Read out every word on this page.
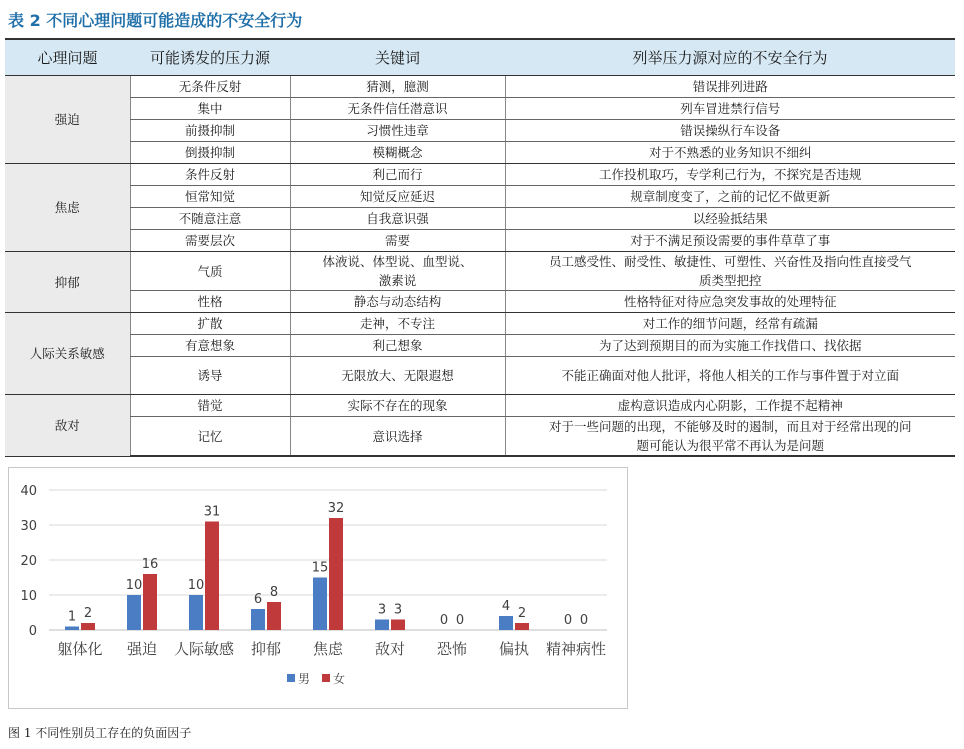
表 2 不同心理问题可能造成的不安全行为
心理问题	可能诱发的压力源	关键词	列举压力源对应的不安全行为
强迫	无条件反射	猜测，臆测	错误排列进路
	集中	无条件信任潜意识	列车冒进禁行信号
	前摄抑制	习惯性违章	错误操纵行车设备
	倒摄抑制	模糊概念	对于不熟悉的业务知识不细纠
焦虑	条件反射	利己而行	工作投机取巧，专学利己行为，不探究是否违规
	恒常知觉	知觉反应延迟	规章制度变了，之前的记忆不做更新
	不随意注意	自我意识强	以经验抵结果
	需要层次	需要	对于不满足预设需要的事件草草了事
抑郁	气质	体液说、体型说、血型说、激素说	员工感受性、耐受性、敏捷性、可塑性、兴奋性及指向性直接受气质类型把控
	性格	静态与动态结构	性格特征对待应急突发事故的处理特征
人际关系敏感	扩散	走神，不专注	对工作的细节问题，经常有疏漏
	有意想象	利己想象	为了达到预期目的而为实施工作找借口、找依据
	诱导	无限放大、无限遐想	不能正确面对他人批评，将他人相关的工作与事件置于对立面
敌对	错觉	实际不存在的现象	虚构意识造成内心阴影，工作提不起精神
	记忆	意识选择	对于一些问题的出现，不能够及时的遏制，而且对于经常出现的问题可能认为很平常不再认为是问题
0
10
20
30
40
1 2
躯体化
10
16
强迫
10
31
人际敏感
6 8
抑郁
15
32
焦虑
3 3
敌对
0 0
恐怖
4 2
偏执
0 0
精神病性
男 女
图 1 不同性别员工存在的负面因子
